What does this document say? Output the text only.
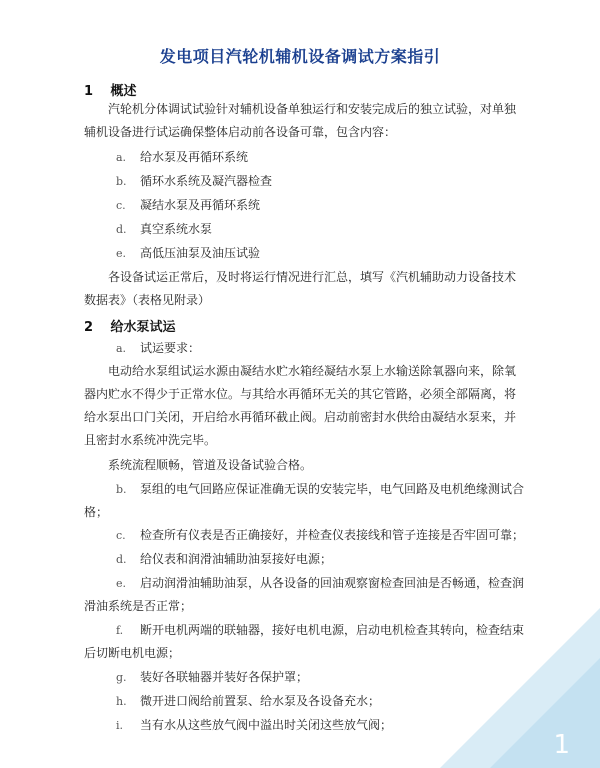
发电项目汽轮机辅机设备调试方案指引
1 概述
汽轮机分体调试试验针对辅机设备单独运行和安装完成后的独立试验，对单独辅机设备进行试运确保整体启动前各设备可靠，包含内容：
a. 给水泵及再循环系统
b. 循环水系统及凝汽器检查
c. 凝结水泵及再循环系统
d. 真空系统水泵
e. 高低压油泵及油压试验
各设备试运正常后，及时将运行情况进行汇总，填写《汽机辅助动力设备技术数据表》（表格见附录）
2 给水泵试运
a. 试运要求：
电动给水泵组试运水源由凝结水贮水箱经凝结水泵上水输送除氧器向来，除氧器内贮水不得少于正常水位。与其给水再循环无关的其它管路，必须全部隔离，将给水泵出口门关闭，开启给水再循环截止阀。启动前密封水供给由凝结水泵来，并且密封水系统冲洗完毕。
系统流程顺畅，管道及设备试验合格。
b. 泵组的电气回路应保证准确无误的安装完毕，电气回路及电机绝缘测试合格；
c. 检查所有仪表是否正确接好，并检查仪表接线和管子连接是否牢固可靠；
d. 给仪表和润滑油辅助油泵接好电源；
e. 启动润滑油辅助油泵，从各设备的回油观察窗检查回油是否畅通，检查润滑油系统是否正常；
f. 断开电机两端的联轴器，接好电机电源，启动电机检查其转向，检查结束后切断电机电源；
g. 装好各联轴器并装好各保护罩；
h. 微开进口阀给前置泵、给水泵及各设备充水；
i. 当有水从这些放气阀中溢出时关闭这些放气阀；
1
